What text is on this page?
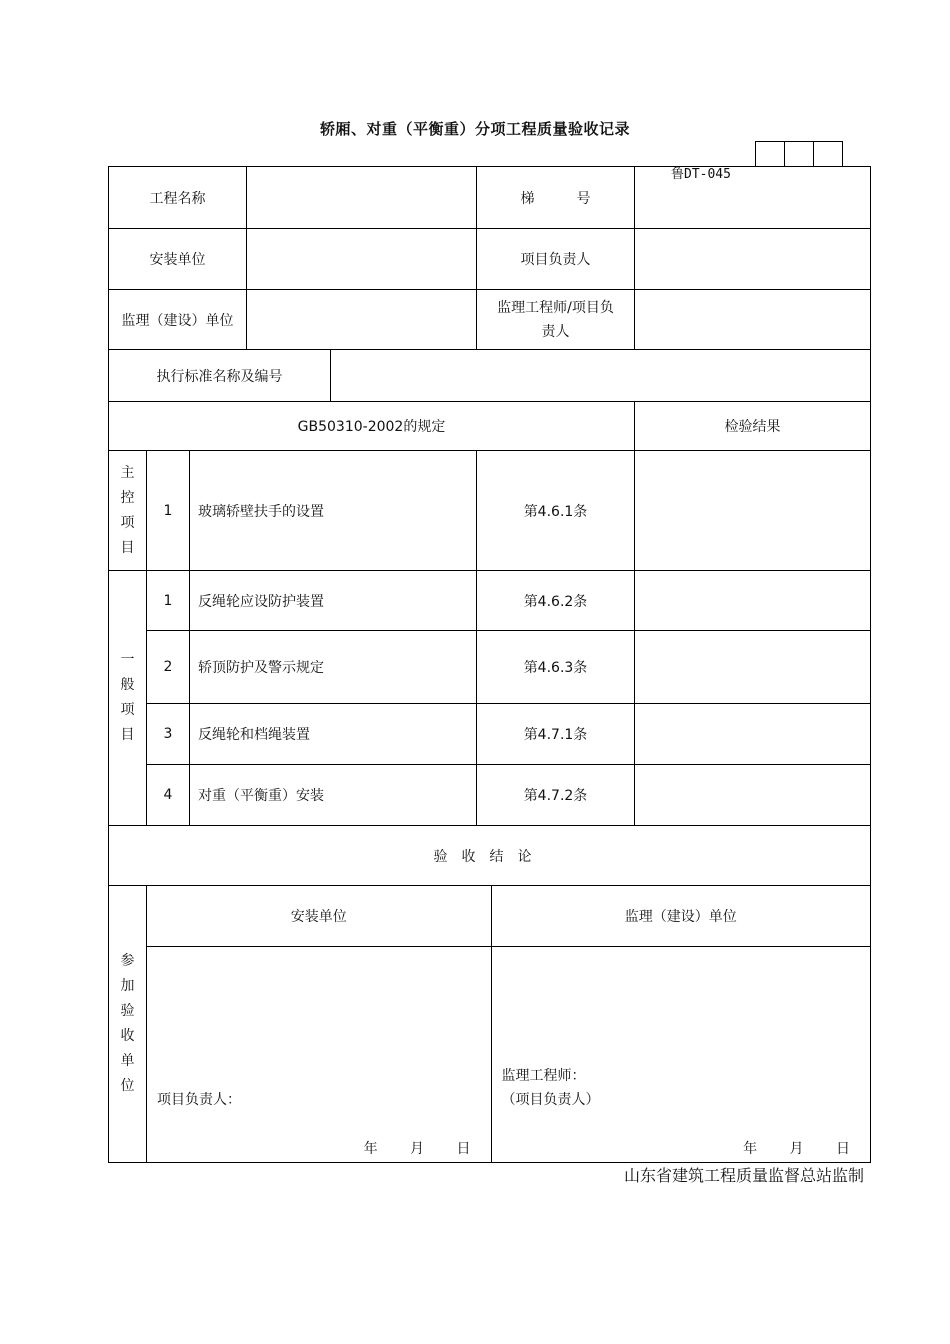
轿厢、对重（平衡重）分项工程质量验收记录
鲁DT-045
工程名称		梯　　　号	
安装单位		项目负责人	
监理（建设）单位		监理工程师/项目负责人	

执行标准名称及编号	

GB50310-2002的规定	检验结果

主
控
项
目
	1	玻璃轿壁扶手的设置	第4.6.1条	

一
般
项
目
	1	反绳轮应设防护装置	第4.6.2条	
2	轿顶防护及警示规定	第4.6.3条	
3	反绳轮和档绳装置	第4.7.1条	
4	对重（平衡重）安装	第4.7.2条	
验收结论

参
加
验
收
单
位

安装单位	监理（建设）单位

项目负责人：
年 月 日

监理工程师：
（项目负责人）
年 月 日
山东省建筑工程质量监督总站监制
